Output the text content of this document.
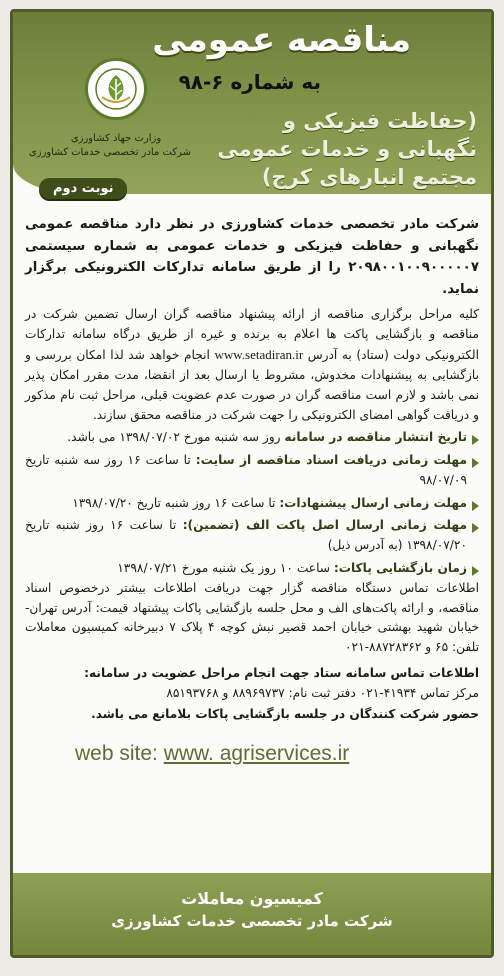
مناقصه عمومی
به شماره ۶-۹۸
(حفاظت فیزیکی و
نگهبانی و خدمات عمومی
مجتمع انبارهای کرج)
وزارت جهاد کشاورزی
شرکت مادر تخصصی خدمات کشاورزی
نوبت دوم

شرکت مادر تخصصی خدمات کشاورزی در نظر دارد مناقصه عمومی نگهبانی و حفاظت فیزیکی و خدمات عمومی به شماره سیستمی ۲۰۹۸۰۰۱۰۰۹۰۰۰۰۰۷ را از طریق سامانه تدارکات الکترونیکی برگزار نماید.

کلیه مراحل برگزاری مناقصه از ارائه پیشنهاد مناقصه گران ارسال تضمین شرکت در مناقصه و بازگشایی پاکت ها اعلام به برنده و غیره از طریق درگاه سامانه تدارکات الکترونیکی دولت (ستاد) به آدرس www.setadiran.ir انجام خواهد شد لذا امکان بررسی و بازگشایی به پیشنهادات مخدوش، مشروط یا ارسال بعد از انقضا، مدت مقرر امکان پذیر نمی باشد و لازم است مناقصه گران در صورت عدم عضویت قبلی، مراحل ثبت نام مذکور و دریافت گواهی امضای الکترونیکی را جهت شرکت در مناقصه محقق سازند.

تاریخ انتشار مناقصه در سامانه روز سه شنبه مورخ ۱۳۹۸/۰۷/۰۲ می باشد.
مهلت زمانی دریافت اسناد مناقصه از سایت: تا ساعت ۱۶ روز سه شنبه تاریخ ۹۸/۰۷/۰۹
مهلت زمانی ارسال پیشنهادات: تا ساعت ۱۶ روز شنبه تاریخ ۱۳۹۸/۰۷/۲۰
مهلت زمانی ارسال اصل پاکت الف (تضمین): تا ساعت ۱۶ روز شنبه تاریخ ۱۳۹۸/۰۷/۲۰ (به آدرس ذیل)
زمان بازگشایی پاکات: ساعت ۱۰ روز یک شنبه مورخ ۱۳۹۸/۰۷/۲۱

اطلاعات تماس دستگاه مناقصه گزار جهت دریافت اطلاعات بیشتر درخصوص اسناد مناقصه، و ارائه پاکت‌های الف و محل جلسه بازگشایی پاکات پیشنهاد قیمت: آدرس تهران- خیابان شهید بهشتی خیابان احمد قصیر نبش کوچه ۴ پلاک ۷ دبیرخانه کمیسیون معاملات تلفن: ۶۵ و ۸۸۷۲۸۳۶۲-۰۲۱

اطلاعات تماس سامانه ستاد جهت انجام مراحل عضویت در سامانه:

مرکز تماس ۴۱۹۳۴-۰۲۱ دفتر ثبت نام: ۸۸۹۶۹۷۳۷ و ۸۵۱۹۳۷۶۸

حضور شرکت کنندگان در جلسه بازگشایی پاکات بلامانع می باشد.

web site: www. agriservices.ir
کمیسیون معاملات
شرکت مادر تخصصی خدمات کشاورزی
